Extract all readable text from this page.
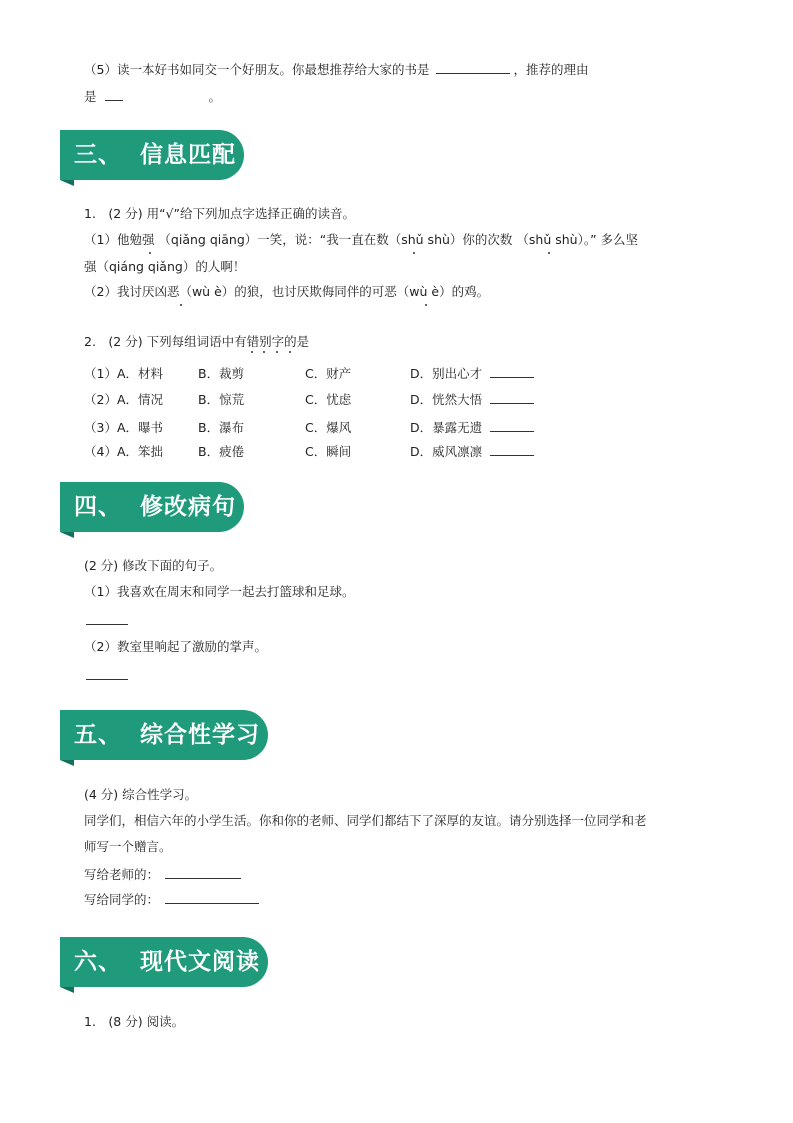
（5）读一本好书如同交一个好朋友。你最想推荐给大家的书是	，推荐的理由
是	。
三、 信息匹配
1.　(2 分) 用“√”给下列加点字选择正确的读音。
（1）他勉强 （qiǎng qiāng）一笑，说：“我一直在数（shǔ shù）你的次数 （shǔ shù）。” 多么坚
强（qiáng qiǎng）的人啊！
（2）我讨厌凶恶（wù è）的狼，也讨厌欺侮同伴的可恶（wù è）的鸡。
2.　(2 分) 下列每组词语中有错别字的是
（1）A．材料	B．裁剪	C．财产	D．别出心才
（2）A．情况	B．惊荒	C．忧虑	D．恍然大悟
（3）A．曝书	B．瀑布	C．爆风	D．暴露无遗
（4）A．笨拙	B．疲倦	C．瞬间	D．威风凛凛
四、 修改病句
(2 分) 修改下面的句子。
（1）我喜欢在周末和同学一起去打篮球和足球。
（2）教室里响起了激励的掌声。
五、 综合性学习
(4 分) 综合性学习。
同学们，相信六年的小学生活。你和你的老师、同学们都结下了深厚的友谊。请分别选择一位同学和老
师写一个赠言。
写给老师的：
写给同学的：
六、 现代文阅读
1.　(8 分) 阅读。
